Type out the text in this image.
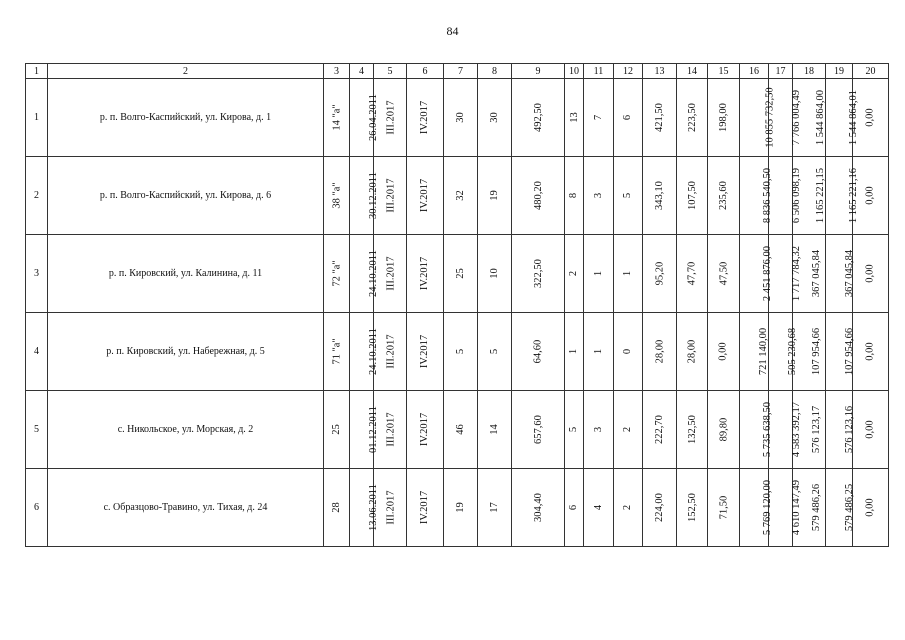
84
1	2	3	4	5	6	7	8	9	10	11	12	13	14	15	16	17	18	19	20
1	р. п. Волго-Каспийский, ул. Кирова, д. 1	14 "а"	26.04.2011	III.2017	IV.2017	30	30	492,50	13	7	6	421,50	223,50	198,00	10 855 732,50	7 766 004,49	1 544 864,00	1 544 864,01	0,00
2	р. п. Волго-Каспийский, ул. Кирова, д. 6	38 "а"	30.12.2011	III.2017	IV.2017	32	19	480,20	8	3	5	343,10	107,50	235,60	8 836 540,50	6 506 098,19	1 165 221,15	1 165 221,16	0,00
3	р. п. Кировский, ул. Калинина, д. 11	72 "а"	24.10.2011	III.2017	IV.2017	25	10	322,50	2	1	1	95,20	47,70	47,50	2 451 876,00	1 717 784,32	367 045,84	367 045,84	0,00
4	р. п. Кировский, ул. Набережная, д. 5	71 "а"	24.10.2011	III.2017	IV.2017	5	5	64,60	1	1	0	28,00	28,00	0,00	721 140,00	505 230,68	107 954,66	107 954,66	0,00
5	с. Никольское, ул. Морская, д. 2	25	01.12.2011	III.2017	IV.2017	46	14	657,60	5	3	2	222,70	132,50	89,80	5 735 638,50	4 583 392,17	576 123,17	576 123,16	0,00
6	с. Образцово-Травино, ул. Тихая, д. 24	28	13.06.2011	III.2017	IV.2017	19	17	304,40	6	4	2	224,00	152,50	71,50	5 769 120,00	4 610 147,49	579 486,26	579 486,25	0,00
